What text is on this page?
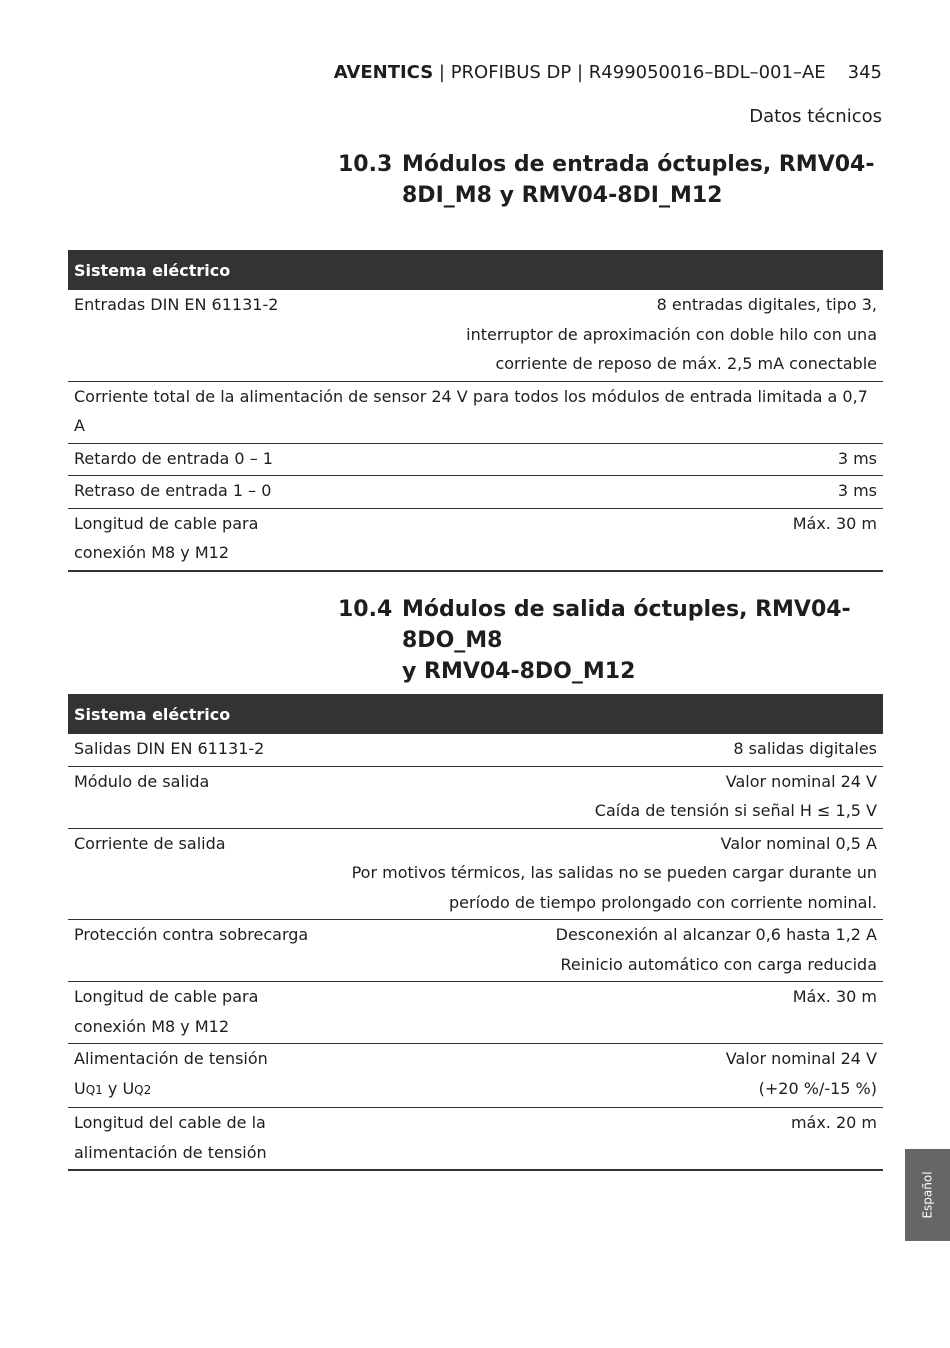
AVENTICS | PROFIBUS DP | R499050016–BDL–001–AE 345
Datos técnicos
10.3 Módulos de entrada óctuples, RMV04-
8DI_M8 y RMV04-8DI_M12
Sistema eléctrico	
Entradas DIN EN 61131-2	8 entradas digitales, tipo 3,
interruptor de aproximación con doble hilo con una
corriente de reposo de máx. 2,5 mA conectable

Corriente total de la alimentación de sensor 24 V para todos los módulos de entrada limitada a 0,7 A	
Retardo de entrada 0 – 1	3 ms
Retraso de entrada 1 – 0	3 ms

Longitud de cable para
conexión M8 y M12	Máx. 30 m
10.4 Módulos de salida óctuples, RMV04-8DO_M8
y RMV04-8DO_M12
Sistema eléctrico	
Salidas DIN EN 61131-2	8 salidas digitales
Módulo de salida	Valor nominal 24 V
Caída de tensión si señal H ≤ 1,5 V

Corriente de salida	Valor nominal 0,5 A
Por motivos térmicos, las salidas no se pueden cargar durante un
período de tiempo prolongado con corriente nominal.

Protección contra sobrecarga	Desconexión al alcanzar 0,6 hasta 1,2 A
Reinicio automático con carga reducida

Longitud de cable para
conexión M8 y M12	Máx. 30 m

Alimentación de tensión
UQ1 y UQ2	Valor nominal 24 V
(+20 %/-15 %)

Longitud del cable de la
alimentación de tensión	máx. 20 m
Español
